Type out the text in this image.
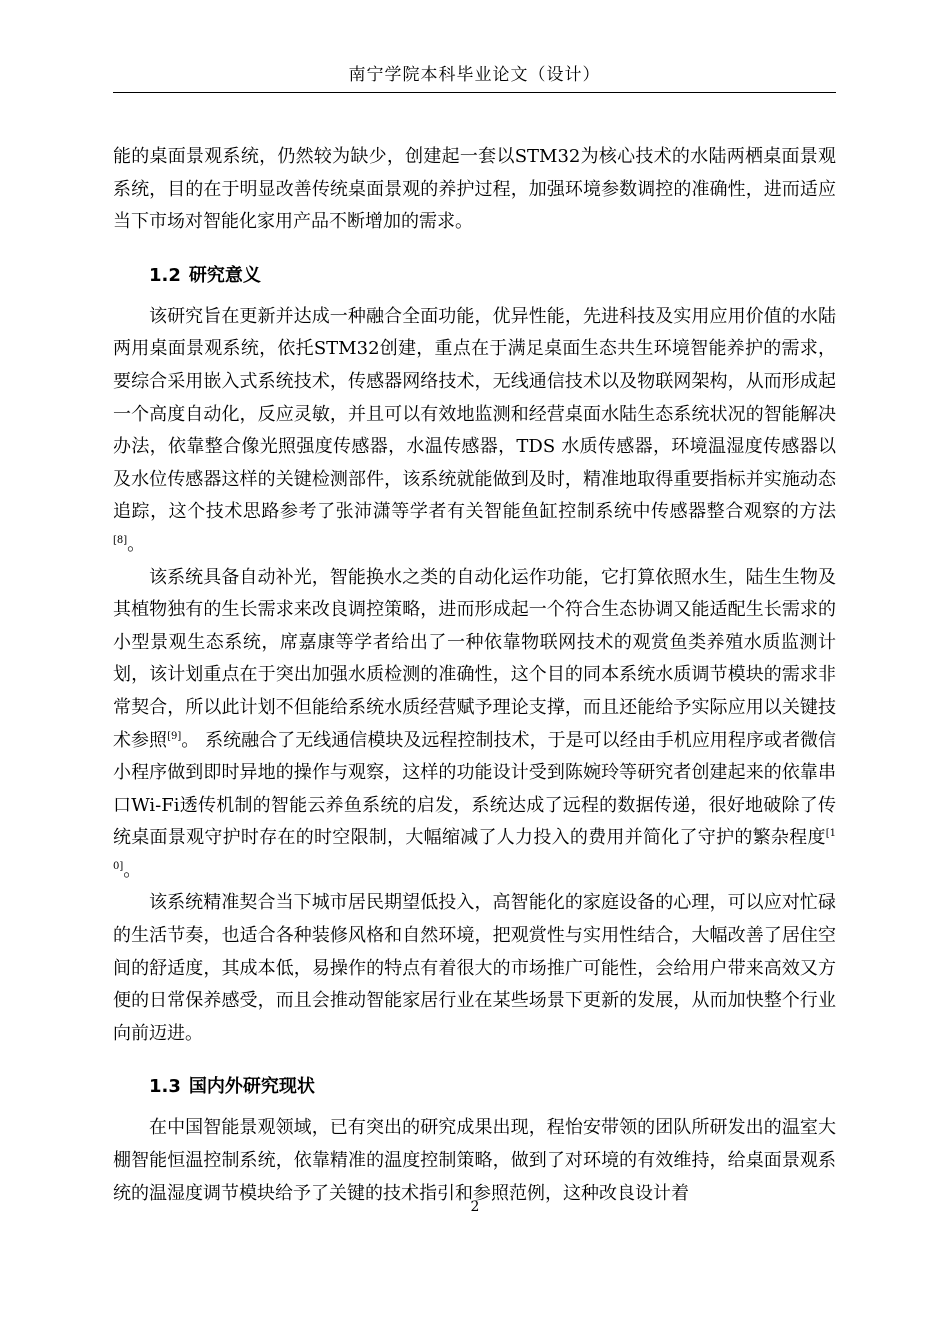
南宁学院本科毕业论文（设计）

能的桌面景观系统，仍然较为缺少，创建起一套以STM32为核心技术的水陆两栖桌面景观系统，目的在于明显改善传统桌面景观的养护过程，加强环境参数调控的准确性，进而适应当下市场对智能化家用产品不断增加的需求。

1.2 研究意义

该研究旨在更新并达成一种融合全面功能，优异性能，先进科技及实用应用价值的水陆两用桌面景观系统，依托STM32创建，重点在于满足桌面生态共生环境智能养护的需求，要综合采用嵌入式系统技术，传感器网络技术，无线通信技术以及物联网架构，从而形成起一个高度自动化，反应灵敏，并且可以有效地监测和经营桌面水陆生态系统状况的智能解决办法，依靠整合像光照强度传感器，水温传感器，TDS 水质传感器，环境温湿度传感器以及水位传感器这样的关键检测部件，该系统就能做到及时，精准地取得重要指标并实施动态追踪，这个技术思路参考了张沛潇等学者有关智能鱼缸控制系统中传感器整合观察的方法[8]。

该系统具备自动补光，智能换水之类的自动化运作功能，它打算依照水生，陆生生物及其植物独有的生长需求来改良调控策略，进而形成起一个符合生态协调又能适配生长需求的小型景观生态系统，席嘉康等学者给出了一种依靠物联网技术的观赏鱼类养殖水质监测计划，该计划重点在于突出加强水质检测的准确性，这个目的同本系统水质调节模块的需求非常契合，所以此计划不但能给系统水质经营赋予理论支撑，而且还能给予实际应用以关键技术参照[9]。 系统融合了无线通信模块及远程控制技术，于是可以经由手机应用程序或者微信小程序做到即时异地的操作与观察，这样的功能设计受到陈婉玲等研究者创建起来的依靠串口Wi-Fi透传机制的智能云养鱼系统的启发，系统达成了远程的数据传递，很好地破除了传统桌面景观守护时存在的时空限制，大幅缩减了人力投入的费用并简化了守护的繁杂程度[10]。

该系统精准契合当下城市居民期望低投入，高智能化的家庭设备的心理，可以应对忙碌的生活节奏，也适合各种装修风格和自然环境，把观赏性与实用性结合，大幅改善了居住空间的舒适度，其成本低，易操作的特点有着很大的市场推广可能性，会给用户带来高效又方便的日常保养感受，而且会推动智能家居行业在某些场景下更新的发展，从而加快整个行业向前迈进。

1.3 国内外研究现状

在中国智能景观领域，已有突出的研究成果出现，程怡安带领的团队所研发出的温室大棚智能恒温控制系统，依靠精准的温度控制策略，做到了对环境的有效维持，给桌面景观系统的温湿度调节模块给予了关键的技术指引和参照范例，这种改良设计着

2
